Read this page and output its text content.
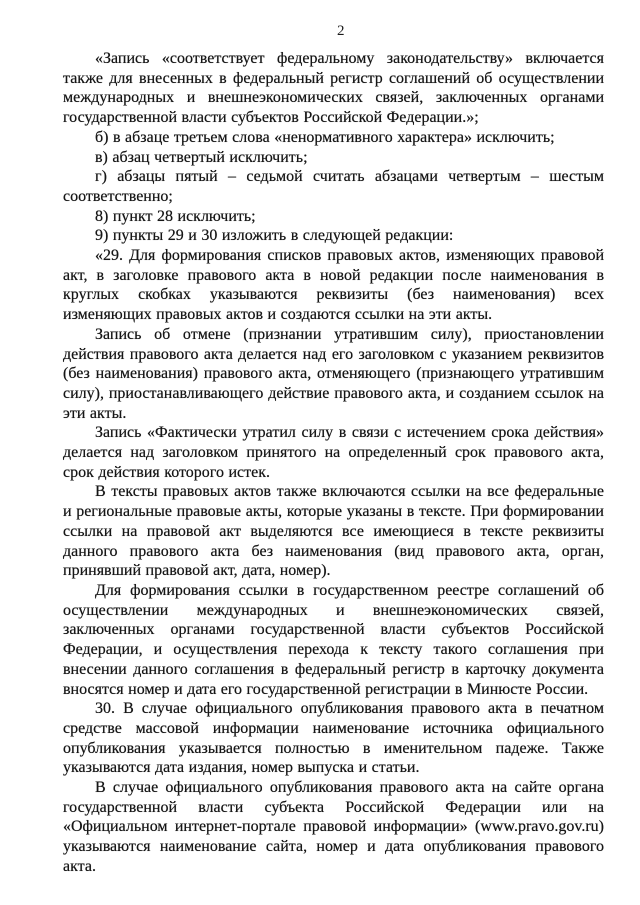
2

«Запись «соответствует федеральному законодательству» включается также для внесенных в федеральный регистр соглашений об осуществлении международных и внешнеэкономических связей, заключенных органами государственной власти субъектов Российской Федерации.»;

б) в абзаце третьем слова «ненормативного характера» исключить;

в) абзац четвертый исключить;

г) абзацы пятый – седьмой считать абзацами четвертым – шестым соответственно;

8) пункт 28 исключить;

9) пункты 29 и 30 изложить в следующей редакции:

«29. Для формирования списков правовых актов, изменяющих правовой акт, в заголовке правового акта в новой редакции после наименования в круглых скобках указываются реквизиты (без наименования) всех изменяющих правовых актов и создаются ссылки на эти акты.

Запись об отмене (признании утратившим силу), приостановлении действия правового акта делается над его заголовком с указанием реквизитов (без наименования) правового акта, отменяющего (признающего утратившим силу), приостанавливающего действие правового акта, и созданием ссылок на эти акты.

Запись «Фактически утратил силу в связи с истечением срока действия» делается над заголовком принятого на определенный срок правового акта, срок действия которого истек.

В тексты правовых актов также включаются ссылки на все федеральные и региональные правовые акты, которые указаны в тексте. При формировании ссылки на правовой акт выделяются все имеющиеся в тексте реквизиты данного правового акта без наименования (вид правового акта, орган, принявший правовой акт, дата, номер).

Для формирования ссылки в государственном реестре соглашений об осуществлении международных и внешнеэкономических связей, заключенных органами государственной власти субъектов Российской Федерации, и осуществления перехода к тексту такого соглашения при внесении данного соглашения в федеральный регистр в карточку документа вносятся номер и дата его государственной регистрации в Минюсте России.

30. В случае официального опубликования правового акта в печатном средстве массовой информации наименование источника официального опубликования указывается полностью в именительном падеже. Также указываются дата издания, номер выпуска и статьи.

В случае официального опубликования правового акта на сайте органа государственной власти субъекта Российской Федерации или на «Официальном интернет-портале правовой информации» (www.pravo.gov.ru) указываются наименование сайта, номер и дата опубликования правового акта.
